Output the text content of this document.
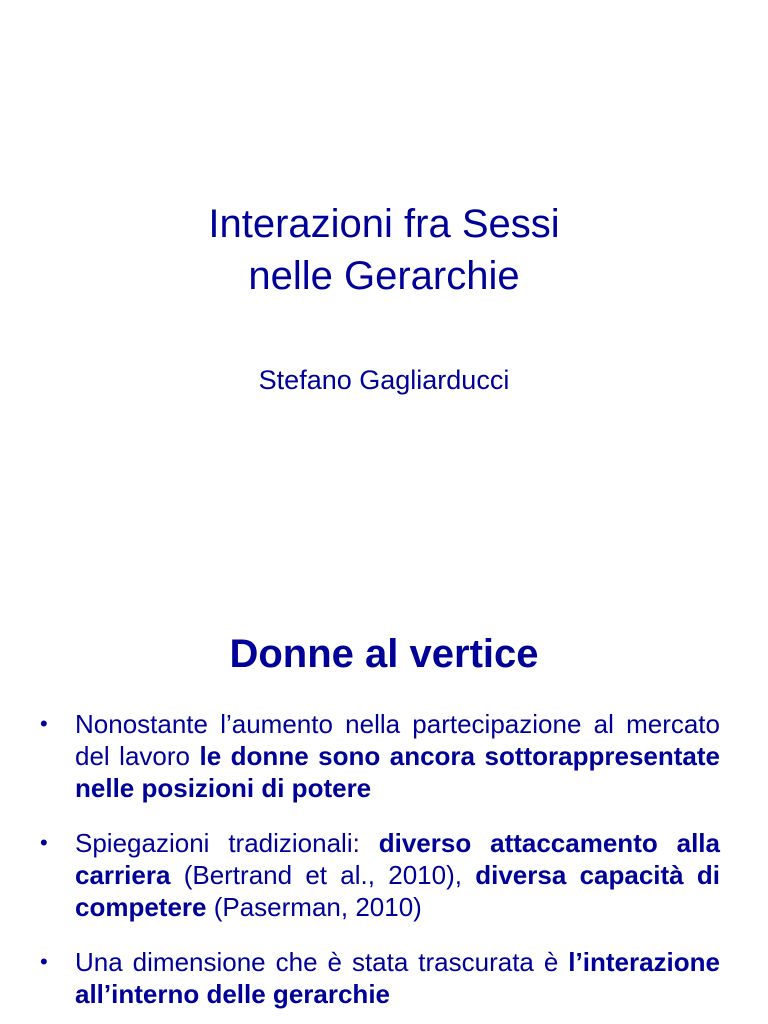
Interazioni fra Sessi
nelle Gerarchie

Stefano Gagliarducci

Donne al vertice
• Nonostante l’aumento nella partecipazione al mercato del lavoro le donne sono ancora sottorappresentate nelle posizioni di potere
• Spiegazioni tradizionali: diverso attaccamento alla carriera (Bertrand et al., 2010), diversa capacità di competere (Paserman, 2010)
• Una dimensione che è stata trascurata è l’interazione all’interno delle gerarchie
